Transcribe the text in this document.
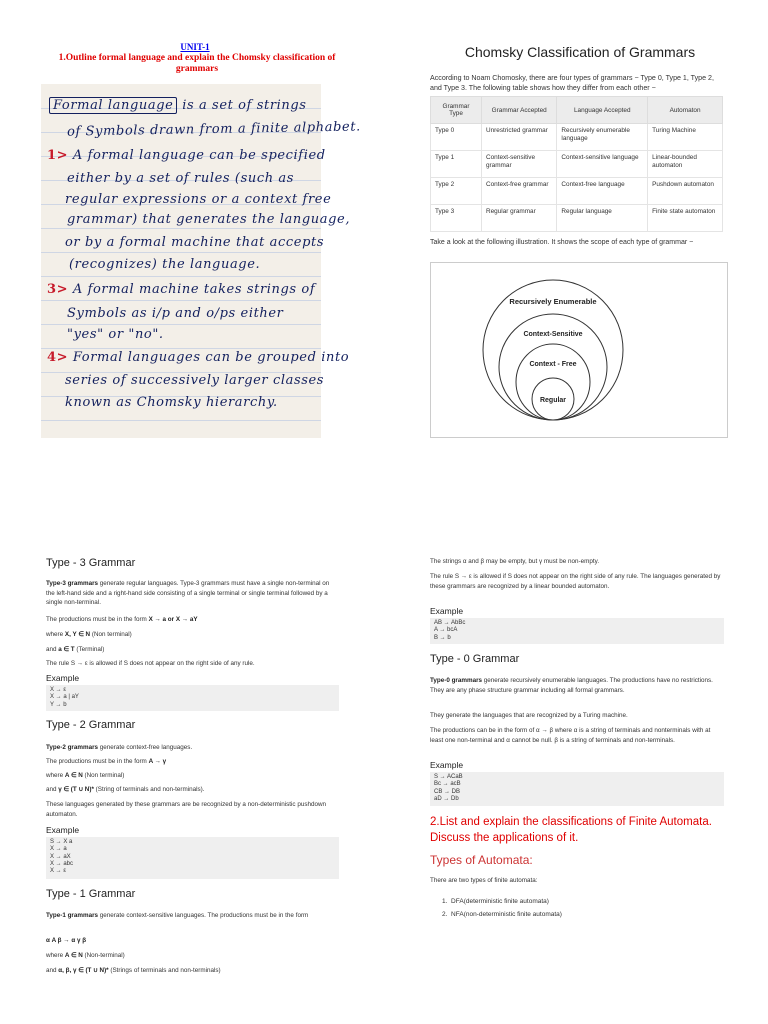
UNIT-1
1.Outline formal language and explain the Chomsky classification of grammars
Formal language is a set of strings
of Symbols drawn from a finite alphabet.
1> A formal language can be specified
either by a set of rules (such as
regular expressions or a context free
grammar) that generates the language,
or by a formal machine that accepts
(recognizes) the language.
3> A formal machine takes strings of
Symbols as i/p and o/ps either
"yes" or "no".
4> Formal languages can be grouped into
series of successively larger classes
known as Chomsky hierarchy.
Chomsky Classification of Grammars
According to Noam Chomosky, there are four types of grammars − Type 0, Type 1, Type 2, and Type 3. The following table shows how they differ from each other −
Grammar Type	Grammar Accepted	Language Accepted	Automaton
Type 0	Unrestricted grammar	Recursively enumerable language	Turing Machine
Type 1	Context-sensitive grammar	Context-sensitive language	Linear-bounded automaton
Type 2	Context-free grammar	Context-free language	Pushdown automaton
Type 3	Regular grammar	Regular language	Finite state automaton
Take a look at the following illustration. It shows the scope of each type of grammar −
Recursively Enumerable
Context-Sensitive
Context - Free
Regular
Type - 3 Grammar
Type-3 grammars generate regular languages. Type-3 grammars must have a single non-terminal on the left-hand side and a right-hand side consisting of a single terminal or single terminal followed by a single non-terminal.
The productions must be in the form X → a or X → aY
where X, Y ∈ N (Non terminal)
and a ∈ T (Terminal)
The rule S → ε is allowed if S does not appear on the right side of any rule.
Example
X → ε
X → a | aY
Y → b
Type - 2 Grammar
Type-2 grammars generate context-free languages.
The productions must be in the form A → γ
where A ∈ N (Non terminal)
and γ ∈ (T ∪ N)* (String of terminals and non-terminals).
These languages generated by these grammars are be recognized by a non-deterministic pushdown automaton.
Example
S → X a
X → a
X → aX
X → abc
X → ε
Type - 1 Grammar
Type-1 grammars generate context-sensitive languages. The productions must be in the form
α A β → α γ β
where A ∈ N (Non-terminal)
and α, β, γ ∈ (T ∪ N)* (Strings of terminals and non-terminals)
The strings α and β may be empty, but γ must be non-empty.
The rule S → ε is allowed if S does not appear on the right side of any rule. The languages generated by these grammars are recognized by a linear bounded automaton.
Example
AB → AbBc
A → bcA
B → b
Type - 0 Grammar
Type-0 grammars generate recursively enumerable languages. The productions have no restrictions. They are any phase structure grammar including all formal grammars.
They generate the languages that are recognized by a Turing machine.
The productions can be in the form of α → β where α is a string of terminals and nonterminals with at least one non-terminal and α cannot be null. β is a string of terminals and non-terminals.
Example
S → ACaB
Bc → acB
CB → DB
aD → Db
2.List and explain the classifications of Finite Automata. Discuss the applications of it.
Types of Automata:
There are two types of finite automata:
1.  DFA(deterministic finite automata)
2.  NFA(non-deterministic finite automata)
